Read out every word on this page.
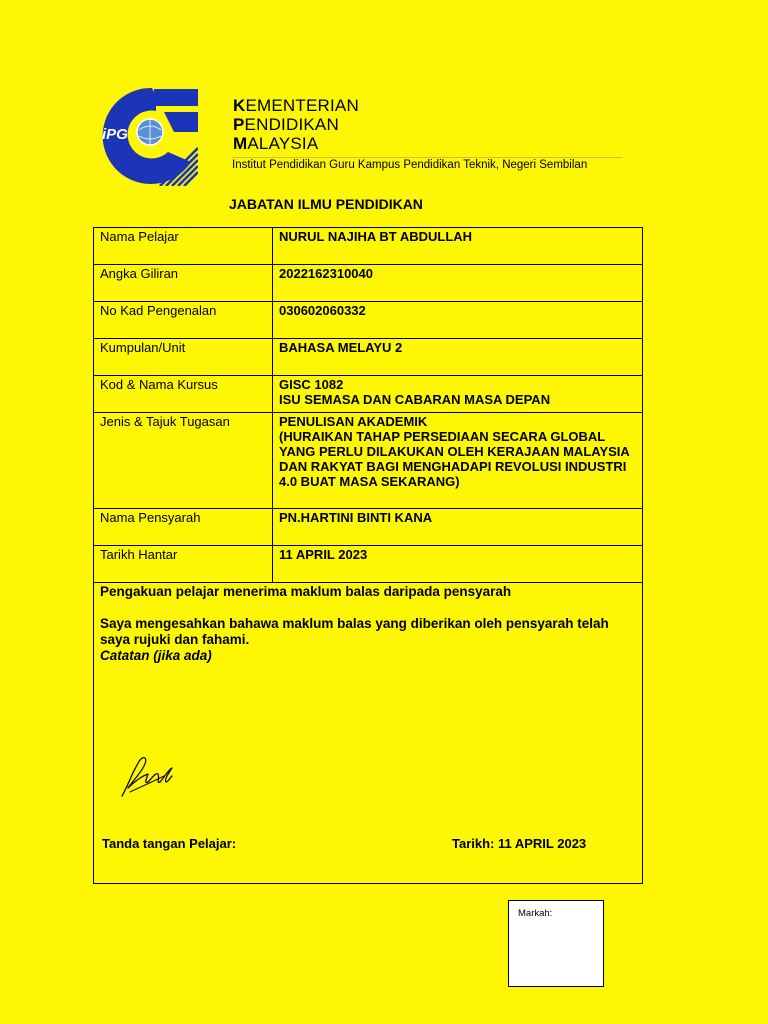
iPG
KEMENTERIAN
PENDIDIKAN
MALAYSIA
Institut Pendidikan Guru Kampus Pendidikan Teknik, Negeri Sembilan
JABATAN ILMU PENDIDIKAN
Nama Pelajar	NURUL NAJIHA BT ABDULLAH
Angka Giliran	2022162310040
No Kad Pengenalan	030602060332
Kumpulan/Unit	BAHASA MELAYU 2
Kod & Nama Kursus	GISC 1082
ISU SEMASA DAN CABARAN MASA DEPAN

Jenis & Tajuk Tugasan	PENULISAN AKADEMIK
(HURAIKAN TAHAP PERSEDIAAN SECARA GLOBAL YANG PERLU DILAKUKAN OLEH KERAJAAN MALAYSIA DAN RAKYAT BAGI MENGHADAPI REVOLUSI INDUSTRI 4.0 BUAT MASA SEKARANG)

Nama Pensyarah	PN.HARTINI BINTI KANA
Tarikh Hantar	11 APRIL 2023

Pengakuan pelajar menerima maklum balas daripada pensyarah

Saya mengesahkan bahawa maklum balas yang diberikan oleh pensyarah telah saya rujuki dan fahami.

Catatan (jika ada)

Tanda tangan Pelajar: Tarikh: 11 APRIL 2023	
Markah:
